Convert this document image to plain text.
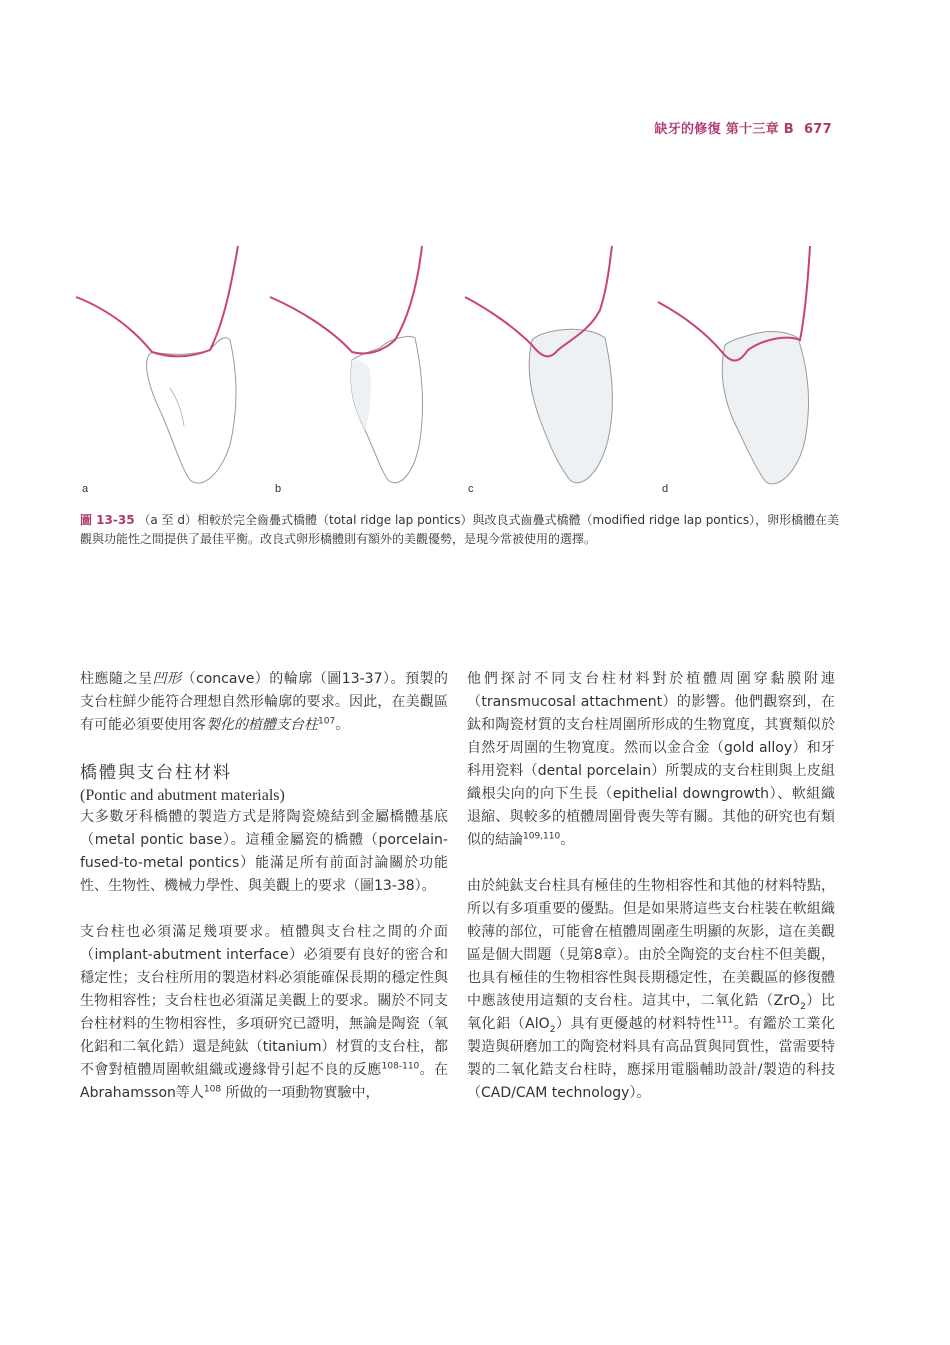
缺牙的修復 第十三章 B 677
a	b	c	d
圖 13-35 （a 至 d）相較於完全齒疊式橋體（total ridge lap pontics）與改良式齒疊式橋體（modified ridge lap pontics），卵形橋體在美觀與功能性之間提供了最佳平衡。改良式卵形橋體則有額外的美觀優勢，是現今常被使用的選擇。

柱應隨之呈凹形（concave）的輪廓（圖13-37）。預製的支台柱鮮少能符合理想自然形輪廓的要求。因此，在美觀區有可能必須要使用客製化的植體支台柱$^{107}$。

橋體與支台柱材料

(Pontic and abutment materials)

大多數牙科橋體的製造方式是將陶瓷燒結到金屬橋體基底（metal pontic base）。這種金屬瓷的橋體（porcelain-fused-to-metal pontics）能滿足所有前面討論關於功能性、生物性、機械力學性、與美觀上的要求（圖13-38）。

支台柱也必須滿足幾項要求。植體與支台柱之間的介面（implant-abutment interface）必須要有良好的密合和穩定性；支台柱所用的製造材料必須能確保長期的穩定性與生物相容性；支台柱也必須滿足美觀上的要求。關於不同支台柱材料的生物相容性，多項研究已證明，無論是陶瓷（氧化鋁和二氧化鋯）還是純鈦（titanium）材質的支台柱，都不會對植體周圍軟組織或邊緣骨引起不良的反應$^{108-110}$。在 Abrahamsson等人$^{108}$ 所做的一項動物實驗中，

他們探討不同支台柱材料對於植體周圍穿黏膜附連（transmucosal attachment）的影響。他們觀察到，在鈦和陶瓷材質的支台柱周圍所形成的生物寬度，其實類似於自然牙周圍的生物寬度。然而以金合金（gold alloy）和牙科用瓷料（dental porcelain）所製成的支台柱則與上皮組織根尖向的向下生長（epithelial downgrowth）、軟組織退縮、與較多的植體周圍骨喪失等有關。其他的研究也有類似的結論$^{109,110}$。

由於純鈦支台柱具有極佳的生物相容性和其他的材料特點，所以有多項重要的優點。但是如果將這些支台柱裝在軟組織較薄的部位，可能會在植體周圍產生明顯的灰影，這在美觀區是個大問題（見第8章）。由於全陶瓷的支台柱不但美觀，也具有極佳的生物相容性與長期穩定性，在美觀區的修復體中應該使用這類的支台柱。這其中，二氧化鋯（ZrO$_2$）比氧化鋁（AlO$_2$）具有更優越的材料特性$^{111}$。有鑑於工業化製造與研磨加工的陶瓷材料具有高品質與同質性，當需要特製的二氧化鋯支台柱時，應採用電腦輔助設計/製造的科技（CAD/CAM technology）。
